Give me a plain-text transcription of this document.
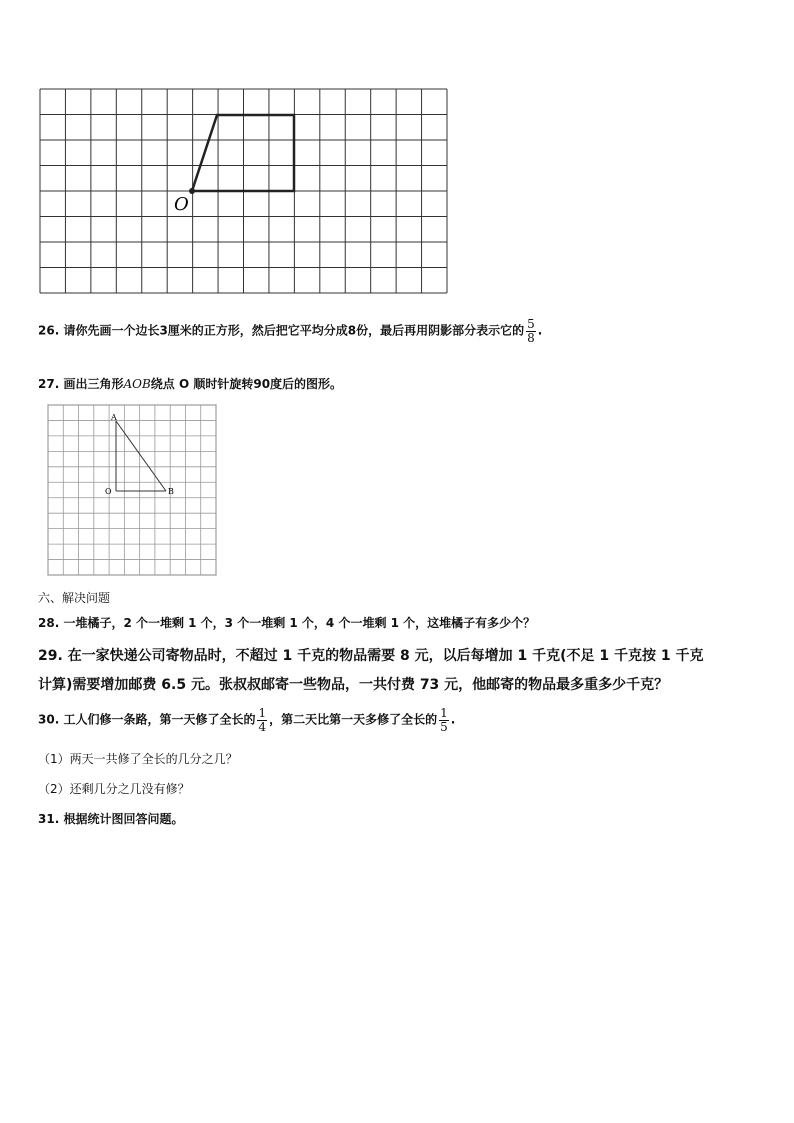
O
26. 请你先画一个边长3厘米的正方形，然后把它平均分成8份，最后再用阴影部分表示它的 $\frac{5}{8}$ .
27. 画出三角形AOB绕点 O 顺时针旋转90度后的图形。
A
O	B
六、解决问题
28. 一堆橘子，2 个一堆剩 1 个，3 个一堆剩 1 个，4 个一堆剩 1 个，这堆橘子有多少个？
29. 在一家快递公司寄物品时，不超过 1 千克的物品需要 8 元，以后每增加 1 千克(不足 1 千克按 1 千克
计算)需要增加邮费 6.5 元。张叔叔邮寄一些物品，一共付费 73 元，他邮寄的物品最多重多少千克？
30. 工人们修一条路，第一天修了全长的 $\frac{1}{4}$ ，第二天比第一天多修了全长的 $\frac{1}{5}$ .
（1）两天一共修了全长的几分之几？
（2）还剩几分之几没有修？
31. 根据统计图回答问题。
